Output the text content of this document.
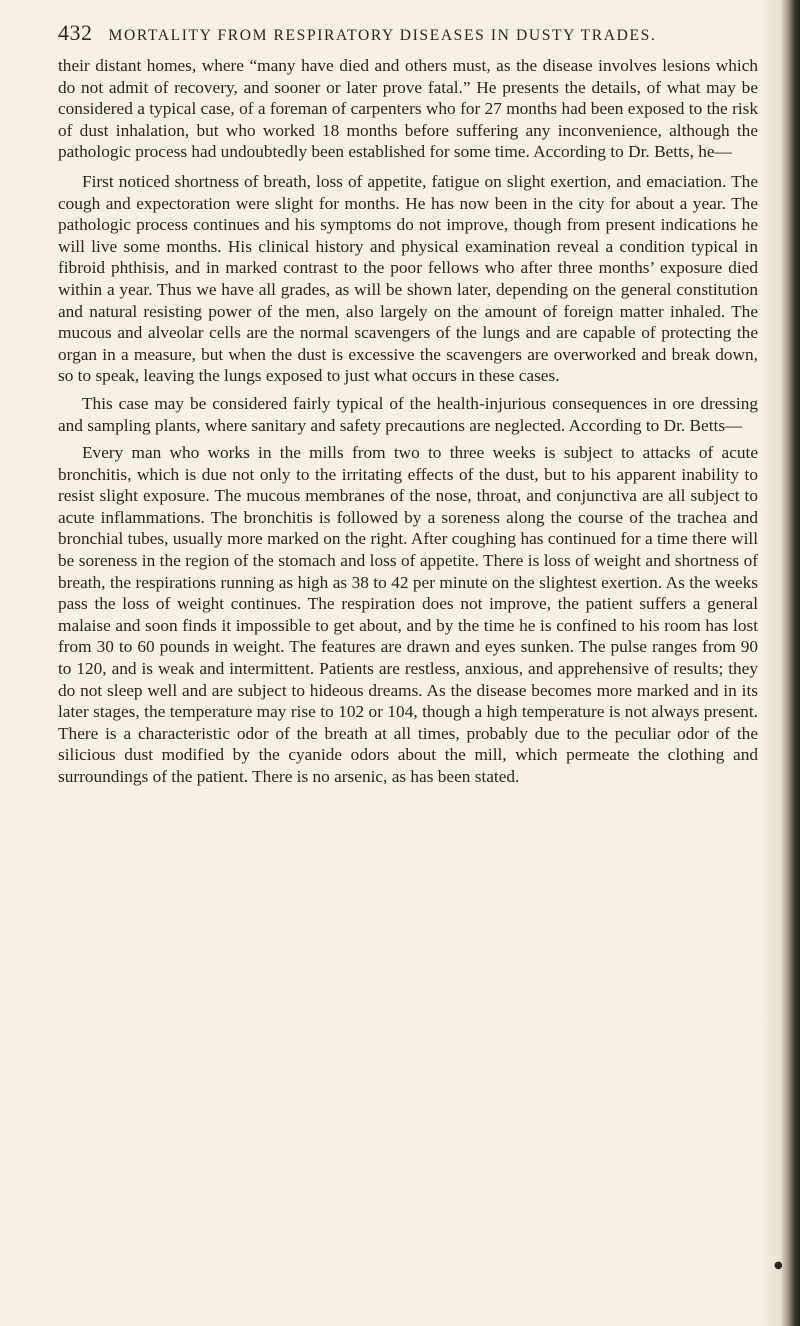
432 MORTALITY FROM RESPIRATORY DISEASES IN DUSTY TRADES.

their distant homes, where “many have died and others must, as the disease involves lesions which do not admit of recovery, and sooner or later prove fatal.” He presents the details, of what may be considered a typical case, of a foreman of carpenters who for 27 months had been exposed to the risk of dust inhalation, but who worked 18 months before suffering any inconvenience, although the pathologic process had undoubtedly been established for some time. According to Dr. Betts, he—

First noticed shortness of breath, loss of appetite, fatigue on slight exertion, and emaciation. The cough and expectoration were slight for months. He has now been in the city for about a year. The pathologic process continues and his symptoms do not improve, though from present indications he will live some months. His clinical history and physical examination reveal a condition typical in fibroid phthisis, and in marked contrast to the poor fellows who after three months’ exposure died within a year. Thus we have all grades, as will be shown later, depending on the general constitution and natural resisting power of the men, also largely on the amount of foreign matter inhaled. The mucous and alveolar cells are the normal scavengers of the lungs and are capable of protecting the organ in a measure, but when the dust is excessive the scavengers are overworked and break down, so to speak, leaving the lungs exposed to just what occurs in these cases.

This case may be considered fairly typical of the health-injurious consequences in ore dressing and sampling plants, where sanitary and safety precautions are neglected. According to Dr. Betts—

Every man who works in the mills from two to three weeks is subject to attacks of acute bronchitis, which is due not only to the irritating effects of the dust, but to his apparent inability to resist slight exposure. The mucous membranes of the nose, throat, and conjunctiva are all subject to acute inflammations. The bronchitis is followed by a soreness along the course of the trachea and bronchial tubes, usually more marked on the right. After coughing has continued for a time there will be soreness in the region of the stomach and loss of appetite. There is loss of weight and shortness of breath, the respirations running as high as 38 to 42 per minute on the slightest exertion. As the weeks pass the loss of weight continues. The respiration does not improve, the patient suffers a general malaise and soon finds it impossible to get about, and by the time he is confined to his room has lost from 30 to 60 pounds in weight. The features are drawn and eyes sunken. The pulse ranges from 90 to 120, and is weak and intermittent. Patients are restless, anxious, and apprehensive of results; they do not sleep well and are subject to hideous dreams. As the disease becomes more marked and in its later stages, the temperature may rise to 102 or 104, though a high temperature is not always present. There is a characteristic odor of the breath at all times, probably due to the peculiar odor of the silicious dust modified by the cyanide odors about the mill, which permeate the clothing and surroundings of the patient. There is no arsenic, as has been stated.

●
